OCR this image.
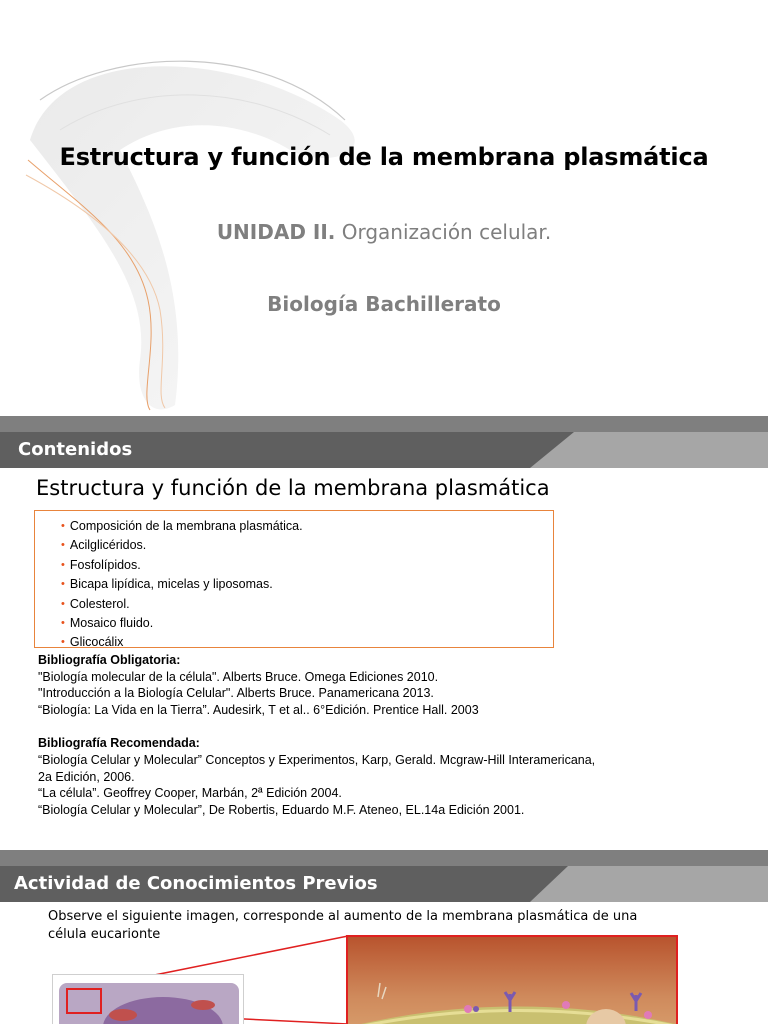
Estructura y función de la membrana plasmática
UNIDAD II. Organización celular.
Biología Bachillerato
Contenidos
Estructura y función de la membrana plasmática
• Composición de la membrana plasmática.
• Acilglicéridos.
• Fosfolípidos.
• Bicapa lipídica, micelas y liposomas.
• Colesterol.
• Mosaico fluido.
• Glicocálix
Bibliografía Obligatoria:
"Biología molecular de la célula". Alberts Bruce. Omega Ediciones 2010.
"Introducción a la Biología Celular". Alberts Bruce. Panamericana 2013.
“Biología: La Vida en la Tierra”. Audesirk, T et al.. 6°Edición. Prentice Hall. 2003
Bibliografía Recomendada:
“Biología Celular y Molecular” Conceptos y Experimentos, Karp, Gerald. Mcgraw-Hill Interamericana,
2a Edición, 2006.
“La célula”. Geoffrey Cooper, Marbán, 2ª Edición 2004.
“Biología Celular y Molecular”, De Robertis, Eduardo M.F. Ateneo, EL.14a Edición 2001.
Actividad de Conocimientos Previos
Observe el siguiente imagen, corresponde al aumento de la membrana plasmática de una célula eucarionte
